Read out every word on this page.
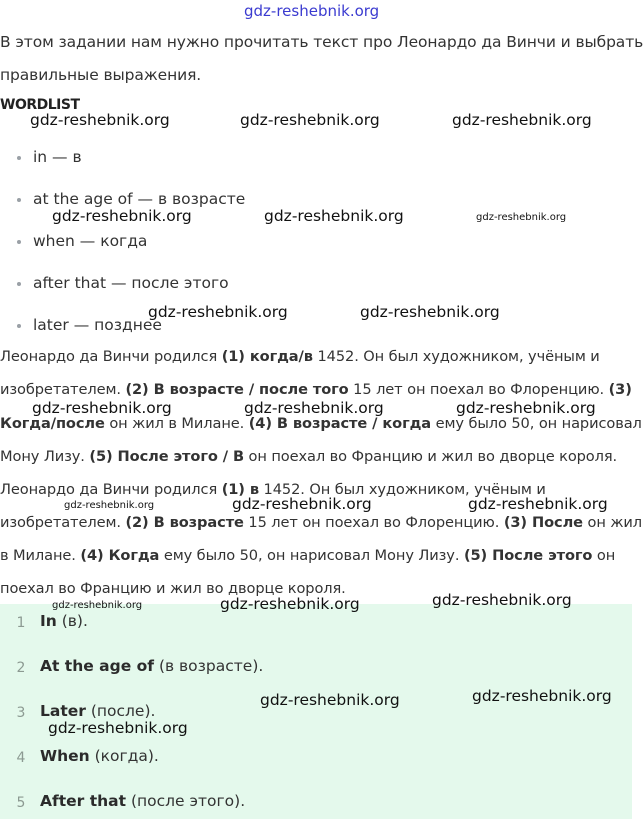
gdz-reshebnik.org
В этом задании нам нужно прочитать текст про Леонардо да Винчи и выбрать
правильные выражения.
WORDLIST
in — в
at the age of — в возрасте
when — когда
after that — после этого
later — позднее
Леонардо да Винчи родился (1) когда/в 1452. Он был художником, учёным и
изобретателем. (2) В возрасте / после того 15 лет он поехал во Флоренцию. (3)
Когда/после он жил в Милане. (4) В возрасте / когда ему было 50, он нарисовал
Мону Лизу. (5) После этого / В он поехал во Францию и жил во дворце короля.
Леонардо да Винчи родился (1) в 1452. Он был художником, учёным и
изобретателем. (2) В возрасте 15 лет он поехал во Флоренцию. (3) После он жил
в Милане. (4) Когда ему было 50, он нарисовал Мону Лизу. (5) После этого он
поехал во Францию и жил во дворце короля.
1 In (в).
2 At the age of (в возрасте).
3 Later (после).
4 When (когда).
5 After that (после этого).
gdz-reshebnik.org	gdz-reshebnik.org	gdz-reshebnik.org
gdz-reshebnik.org	gdz-reshebnik.org	gdz-reshebnik.org
gdz-reshebnik.org	gdz-reshebnik.org
gdz-reshebnik.org	gdz-reshebnik.org	gdz-reshebnik.org
gdz-reshebnik.org	gdz-reshebnik.org	gdz-reshebnik.org
gdz-reshebnik.org	gdz-reshebnik.org	gdz-reshebnik.org
gdz-reshebnik.org	gdz-reshebnik.org
gdz-reshebnik.org
